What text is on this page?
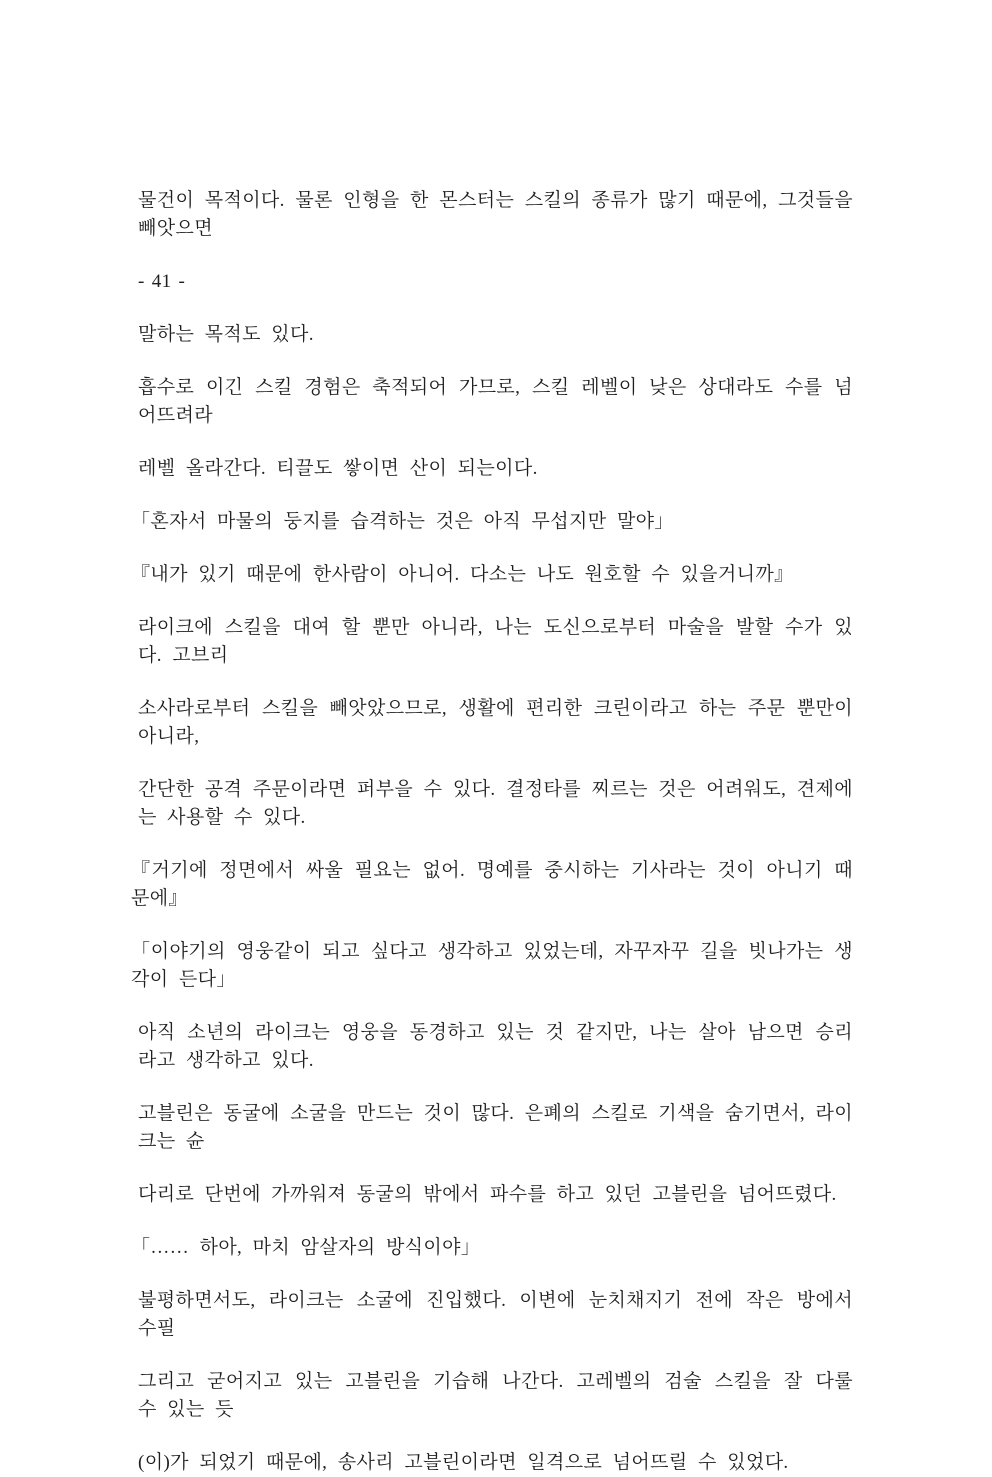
물건이 목적이다. 물론 인형을 한 몬스터는 스킬의 종류가 많기 때문에, 그것들을 빼앗으면

- 41 -

말하는 목적도 있다.

흡수로 이긴 스킬 경험은 축적되어 가므로, 스킬 레벨이 낮은 상대라도 수를 넘어뜨려라

레벨 올라간다. 티끌도 쌓이면 산이 되는이다.

「혼자서 마물의 둥지를 습격하는 것은 아직 무섭지만 말야」

『내가 있기 때문에 한사람이 아니어. 다소는 나도 원호할 수 있을거니까』

라이크에 스킬을 대여 할 뿐만 아니라, 나는 도신으로부터 마술을 발할 수가 있다. 고브리

소사라로부터 스킬을 빼앗았으므로, 생활에 편리한 크린이라고 하는 주문 뿐만이 아니라,

간단한 공격 주문이라면 퍼부을 수 있다. 결정타를 찌르는 것은 어려워도, 견제에는 사용할 수 있다.

『거기에 정면에서 싸울 필요는 없어. 명예를 중시하는 기사라는 것이 아니기 때문에』

「이야기의 영웅같이 되고 싶다고 생각하고 있었는데, 자꾸자꾸 길을 빗나가는 생각이 든다」

아직 소년의 라이크는 영웅을 동경하고 있는 것 같지만, 나는 살아 남으면 승리라고 생각하고 있다.

고블린은 동굴에 소굴을 만드는 것이 많다. 은폐의 스킬로 기색을 숨기면서, 라이크는 슌

다리로 단번에 가까워져 동굴의 밖에서 파수를 하고 있던 고블린을 넘어뜨렸다.

「…… 하아, 마치 암살자의 방식이야」

불평하면서도, 라이크는 소굴에 진입했다. 이변에 눈치채지기 전에 작은 방에서 수필

그리고 굳어지고 있는 고블린을 기습해 나간다. 고레벨의 검술 스킬을 잘 다룰 수 있는 듯

(이)가 되었기 때문에, 송사리 고블린이라면 일격으로 넘어뜨릴 수 있었다.
